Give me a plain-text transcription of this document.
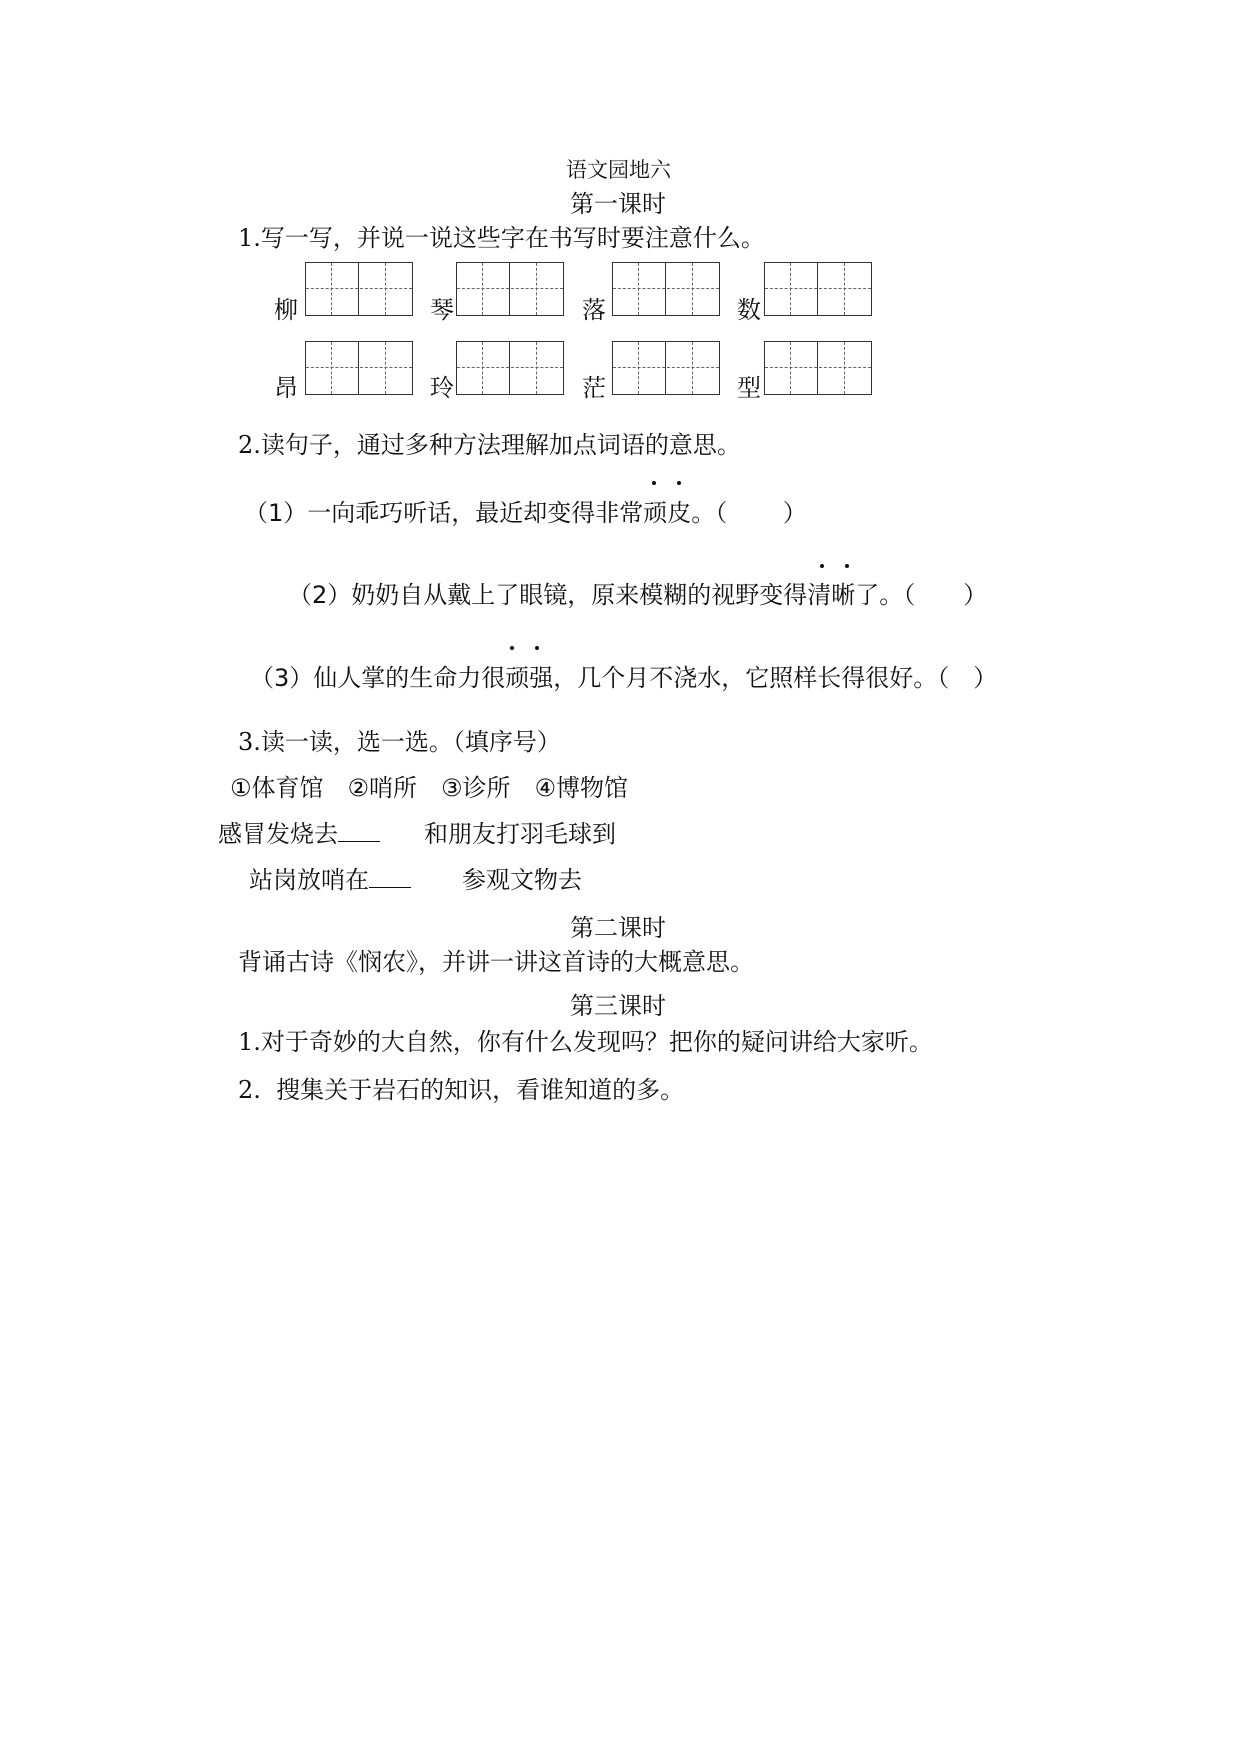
语文园地六
第一课时
1.写一写，并说一说这些字在书写时要注意什么。
柳	琴	落	数
昂	玲	茫	型
2.读句子，通过多种方法理解加点词语的意思。
（1）一向乖巧听话，最近却变得非常顽皮。（　　 ）
（2）奶奶自从戴上了眼镜，原来模糊的视野变得清晰了。（　　）
（3）仙人掌的生命力很顽强，几个月不浇水，它照样长得很好。（　）
3.读一读，选一选。（填序号）
①体育馆　②哨所　③诊所　④博物馆
感冒发烧去	和朋友打羽毛球到
站岗放哨在	参观文物去
第二课时
背诵古诗《悯农》，并讲一讲这首诗的大概意思。
第三课时
1.对于奇妙的大自然，你有什么发现吗？把你的疑问讲给大家听。
2. 搜集关于岩石的知识，看谁知道的多。
